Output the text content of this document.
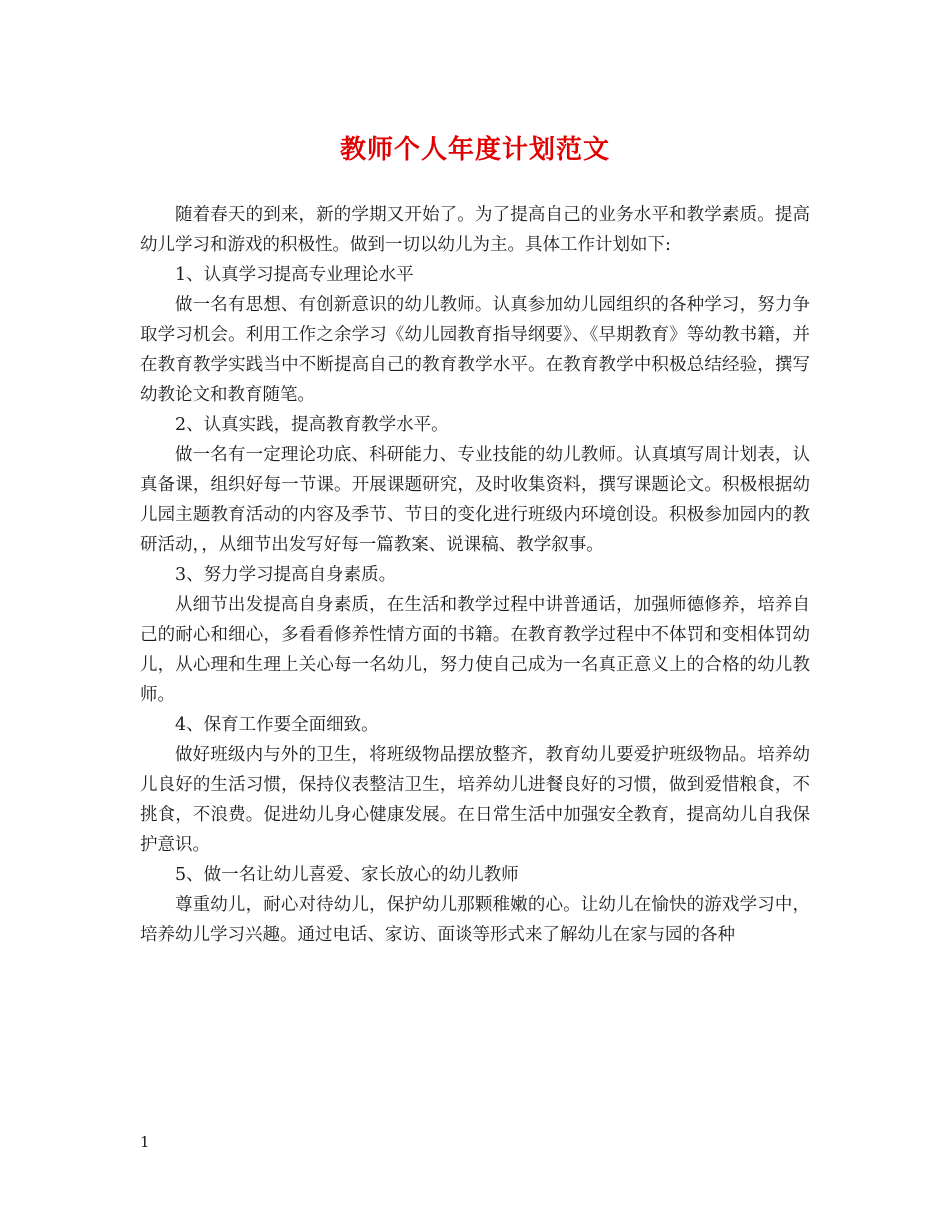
教师个人年度计划范文

随着春天的到来，新的学期又开始了。为了提高自己的业务水平和教学素质。提高幼儿学习和游戏的积极性。做到一切以幼儿为主。具体工作计划如下:

1、认真学习提高专业理论水平

做一名有思想、有创新意识的幼儿教师。认真参加幼儿园组织的各种学习，努力争取学习机会。利用工作之余学习《幼儿园教育指导纲要》、《早期教育》等幼教书籍，并在教育教学实践当中不断提高自己的教育教学水平。在教育教学中积极总结经验，撰写幼教论文和教育随笔。

2、认真实践，提高教育教学水平。

做一名有一定理论功底、科研能力、专业技能的幼儿教师。认真填写周计划表，认真备课，组织好每一节课。开展课题研究，及时收集资料，撰写课题论文。积极根据幼儿园主题教育活动的内容及季节、节日的变化进行班级内环境创设。积极参加园内的教研活动，，从细节出发写好每一篇教案、说课稿、教学叙事。

3、努力学习提高自身素质。

从细节出发提高自身素质，在生活和教学过程中讲普通话，加强师德修养，培养自己的耐心和细心，多看看修养性情方面的书籍。在教育教学过程中不体罚和变相体罚幼儿，从心理和生理上关心每一名幼儿，努力使自己成为一名真正意义上的合格的幼儿教师。

4、保育工作要全面细致。

做好班级内与外的卫生，将班级物品摆放整齐，教育幼儿要爱护班级物品。培养幼儿良好的生活习惯，保持仪表整洁卫生，培养幼儿进餐良好的习惯，做到爱惜粮食，不挑食，不浪费。促进幼儿身心健康发展。在日常生活中加强安全教育，提高幼儿自我保护意识。

5、做一名让幼儿喜爱、家长放心的幼儿教师

尊重幼儿，耐心对待幼儿，保护幼儿那颗稚嫩的心。让幼儿在愉快的游戏学习中，培养幼儿学习兴趣。通过电话、家访、面谈等形式来了解幼儿在家与园的各种

1
